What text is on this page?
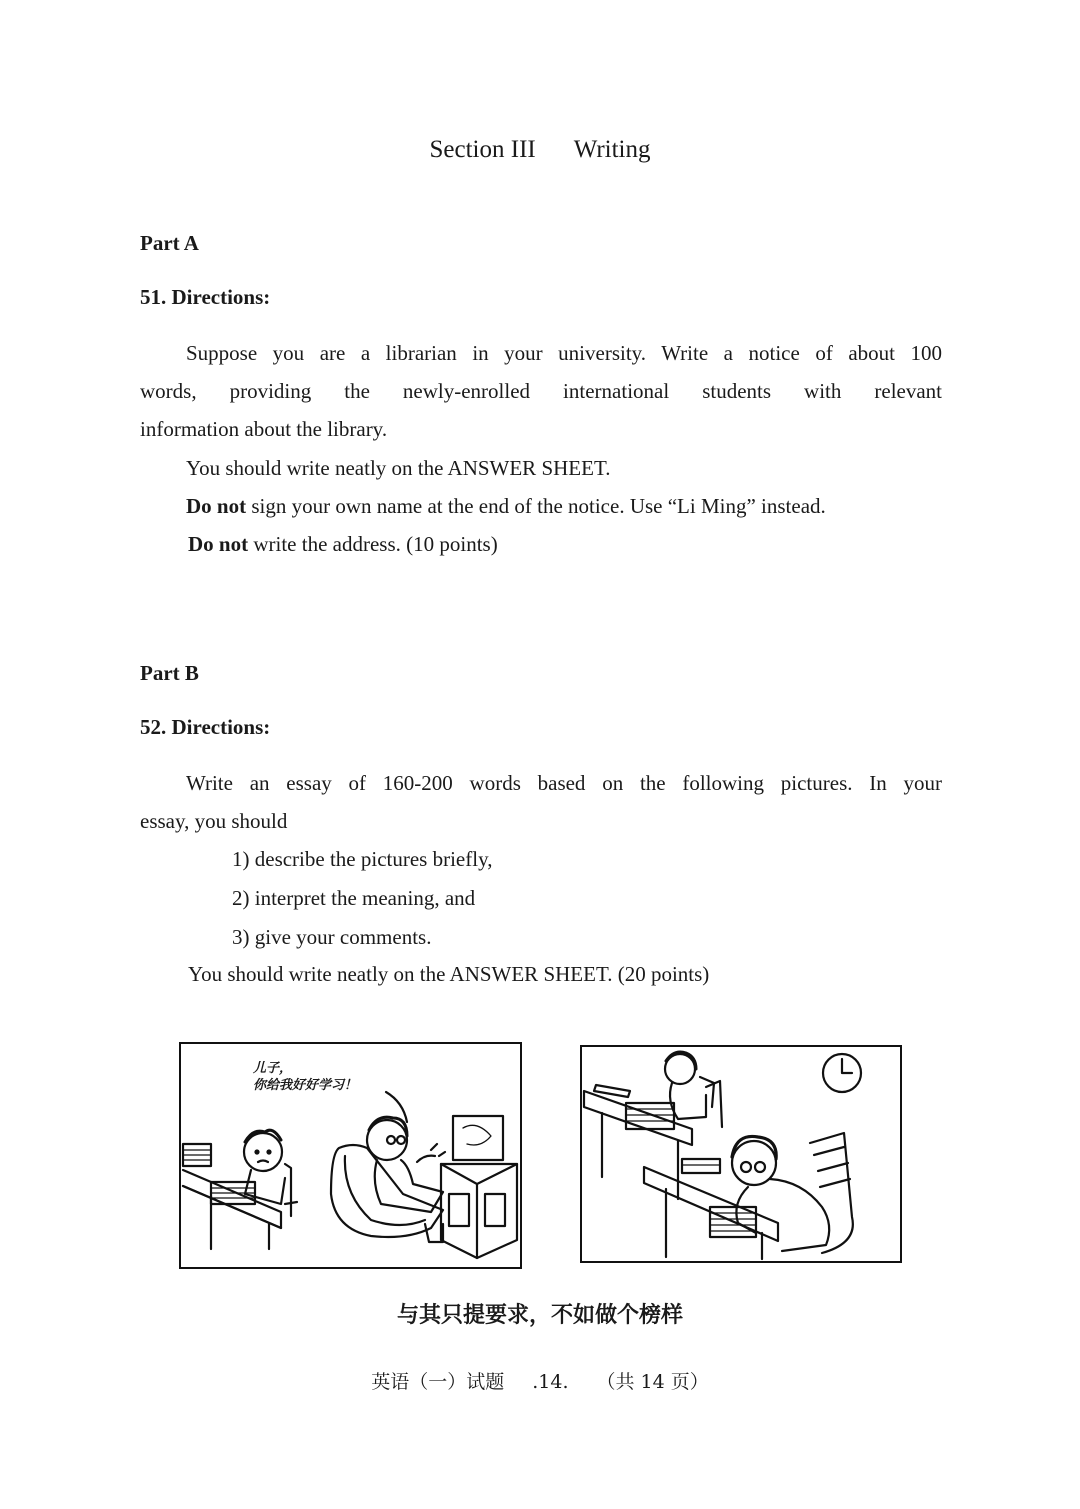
Section III Writing
Part A
51. Directions:
Suppose you are a librarian in your university. Write a notice of about 100
words, providing the newly-enrolled international students with relevant
information about the library.
You should write neatly on the ANSWER SHEET.
Do not sign your own name at the end of the notice. Use “Li Ming” instead.
Do not write the address. (10 points)
Part B
52. Directions:
Write an essay of 160-200 words based on the following pictures. In your
essay, you should
1) describe the pictures briefly,
2) interpret the meaning, and
3) give your comments.
You should write neatly on the ANSWER SHEET. (20 points)
儿子，
你给我好好学习！
与其只提要求，不如做个榜样
英语（一）试题 .14. （共 14 页）
